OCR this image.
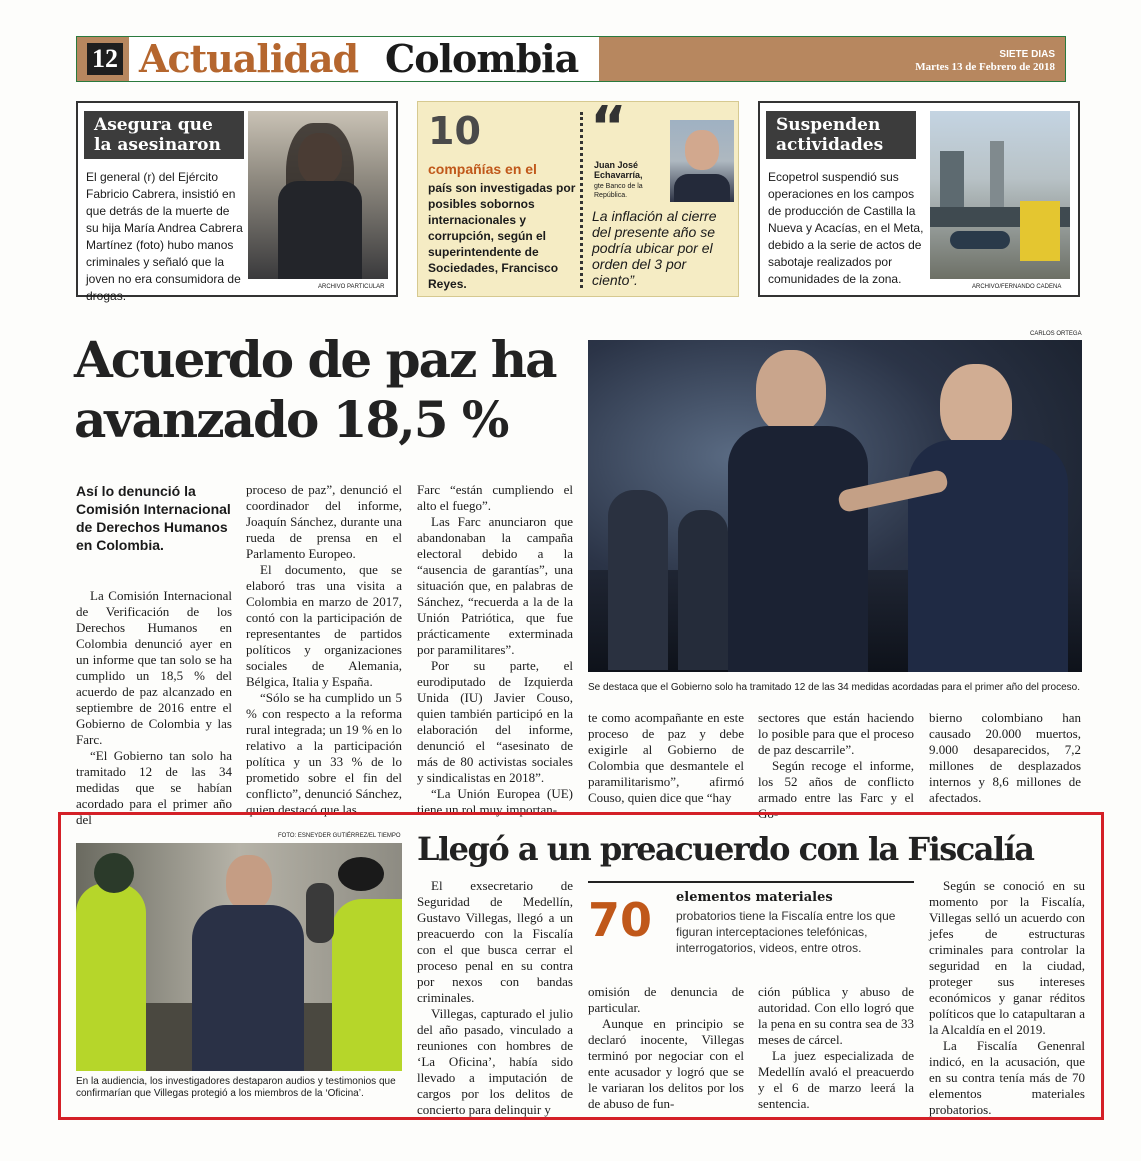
12 Actualidad Colombia	SIETE DIAS
Martes 13 de Febrero de 2018
Asegura que la asesinaron
El general (r) del Ejército Fabricio Cabrera, insistió en que detrás de la muerte de su hija María Andrea Cabrera Martínez (foto) hubo manos criminales y señaló que la joven no era consumidora de drogas.
ARCHIVO PARTICULAR
10
compañías en el
país son investigadas por posibles sobornos internacionales y corrupción, según el superintendente de Sociedades, Francisco Reyes.
“
Juan José Echavarría,
gte Banco de la República.
La inflación al cierre del presente año se podría ubicar por el orden del 3 por ciento”.
Suspenden actividades
Ecopetrol suspendió sus operaciones en los campos de producción de Castilla la Nueva y Acacías, en el Meta, debido a la serie de actos de sabotaje realizados por comunidades de la zona.
ARCHIVO/FERNANDO CADENA
Acuerdo de paz ha avanzado 18,5 %
CARLOS ORTEGA
Se destaca que el Gobierno solo ha tramitado 12 de las 34 medidas acordadas para el primer año del proceso.
Así lo denunció la Comisión Internacional de Derechos Humanos en Colombia.

La Comisión Internacional de Verificación de los Derechos Humanos en Colombia denunció ayer en un informe que tan solo se ha cumplido un 18,5 % del acuerdo de paz alcanzado en septiembre de 2016 entre el Gobierno de Colombia y las Farc.

“El Gobierno tan solo ha tramitado 12 de las 34 medidas que se habían acordado para el primer año del

proceso de paz”, denunció el coordinador del informe, Joaquín Sánchez, durante una rueda de prensa en el Parlamento Europeo.

El documento, que se elaboró tras una visita a Colombia en marzo de 2017, contó con la participación de representantes de partidos políticos y organizaciones sociales de Alemania, Bélgica, Italia y España.

“Sólo se ha cumplido un 5 % con respecto a la reforma rural integrada; un 19 % en lo relativo a la participación política y un 33 % de lo prometido sobre el fin del conflicto”, denunció Sánchez, quien destacó que las

Farc “están cumpliendo el alto el fuego”.

Las Farc anunciaron que abandonaban la campaña electoral debido a la “ausencia de garantías”, una situación que, en palabras de Sánchez, “recuerda a la de la Unión Patriótica, que fue prácticamente exterminada por paramilitares”.

Por su parte, el eurodiputado de Izquierda Unida (IU) Javier Couso, quien también participó en la elaboración del informe, denunció el “asesinato de más de 80 activistas sociales y sindicalistas en 2018”.

“La Unión Europea (UE) tiene un rol muy importan-

te como acompañante en este proceso de paz y debe exigirle al Gobierno de Colombia que desmantele el paramilitarismo”, afirmó Couso, quien dice que “hay

sectores que están haciendo lo posible para que el proceso de paz descarrile”.

Según recoge el informe, los 52 años de conflicto armado entre las Farc y el Go-

bierno colombiano han causado 20.000 muertos, 9.000 desaparecidos, 7,2 millones de desplazados internos y 8,6 millones de afectados.

FOTO: ESNEYDER GUTIÉRREZ/EL TIEMPO
En la audiencia, los investigadores destaparon audios y testimonios que confirmarían que Villegas protegió a los miembros de la ‘Oficina’.
Llegó a un preacuerdo con la Fiscalía

El exsecretario de Seguridad de Medellín, Gustavo Villegas, llegó a un preacuerdo con la Fiscalía con el que busca cerrar el proceso penal en su contra por nexos con bandas criminales.

Villegas, capturado el julio del año pasado, vinculado a reuniones con hombres de ‘La Oficina’, había sido llevado a imputación de cargos por los delitos de concierto para delinquir y

70 elementos materiales
probatorios tiene la Fiscalía entre los que figuran interceptaciones telefónicas, interrogatorios, videos, entre otros.

omisión de denuncia de particular.

Aunque en principio se declaró inocente, Villegas terminó por negociar con el ente acusador y logró que se le variaran los delitos por los de abuso de fun-

ción pública y abuso de autoridad. Con ello logró que la pena en su contra sea de 33 meses de cárcel.

La juez especializada de Medellín avaló el preacuerdo y el 6 de marzo leerá la sentencia.

Según se conoció en su momento por la Fiscalía, Villegas selló un acuerdo con jefes de estructuras criminales para controlar la seguridad en la ciudad, proteger sus intereses económicos y ganar réditos políticos que lo catapultaran a la Alcaldía en el 2019.

La Fiscalía Genenral indicó, en la acusación, que en su contra tenía más de 70 elementos materiales probatorios.
